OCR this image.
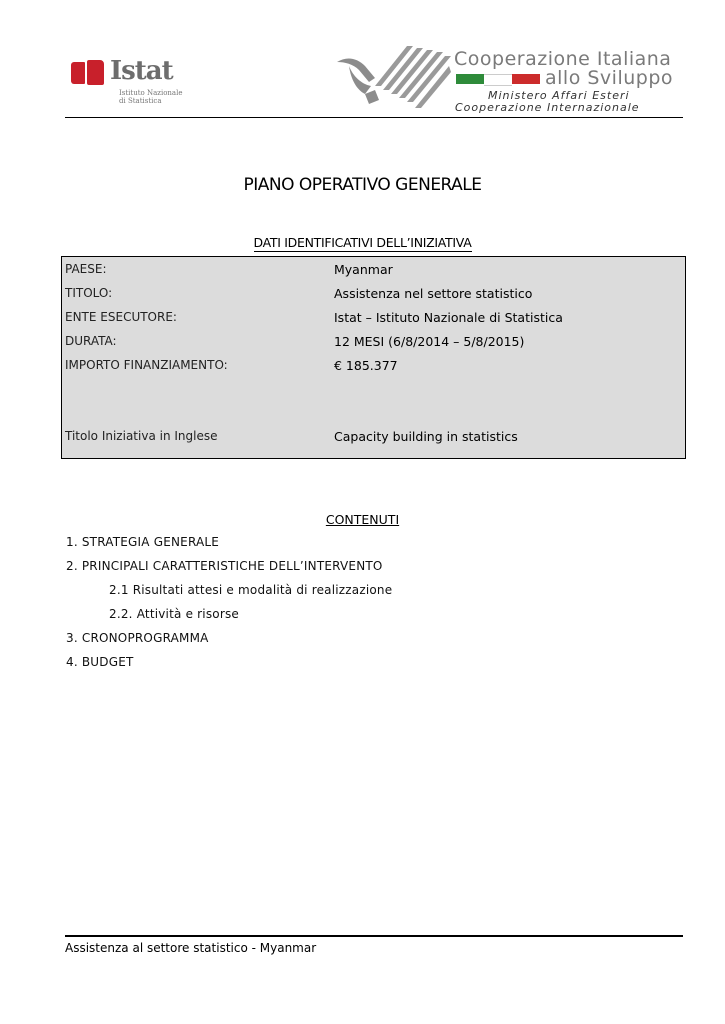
Istat
Istituto Nazionale
di Statistica
Cooperazione Italiana
allo Sviluppo
Ministero Affari Esteri
Cooperazione Internazionale
PIANO OPERATIVO GENERALE
DATI IDENTIFICATIVI DELL’INIZIATIVA
PAESE:	Myanmar
TITOLO:	Assistenza nel settore statistico
ENTE ESECUTORE:	Istat – Istituto Nazionale di Statistica
DURATA:	12 MESI (6/8/2014 – 5/8/2015)
IMPORTO FINANZIAMENTO:	€ 185.377
Titolo Iniziativa in Inglese	Capacity building in statistics
CONTENUTI
1. STRATEGIA GENERALE
2. PRINCIPALI CARATTERISTICHE DELL’INTERVENTO
2.1 Risultati attesi e modalità di realizzazione
2.2. Attività e risorse
3. CRONOPROGRAMMA
4. BUDGET
Assistenza al settore statistico - Myanmar
